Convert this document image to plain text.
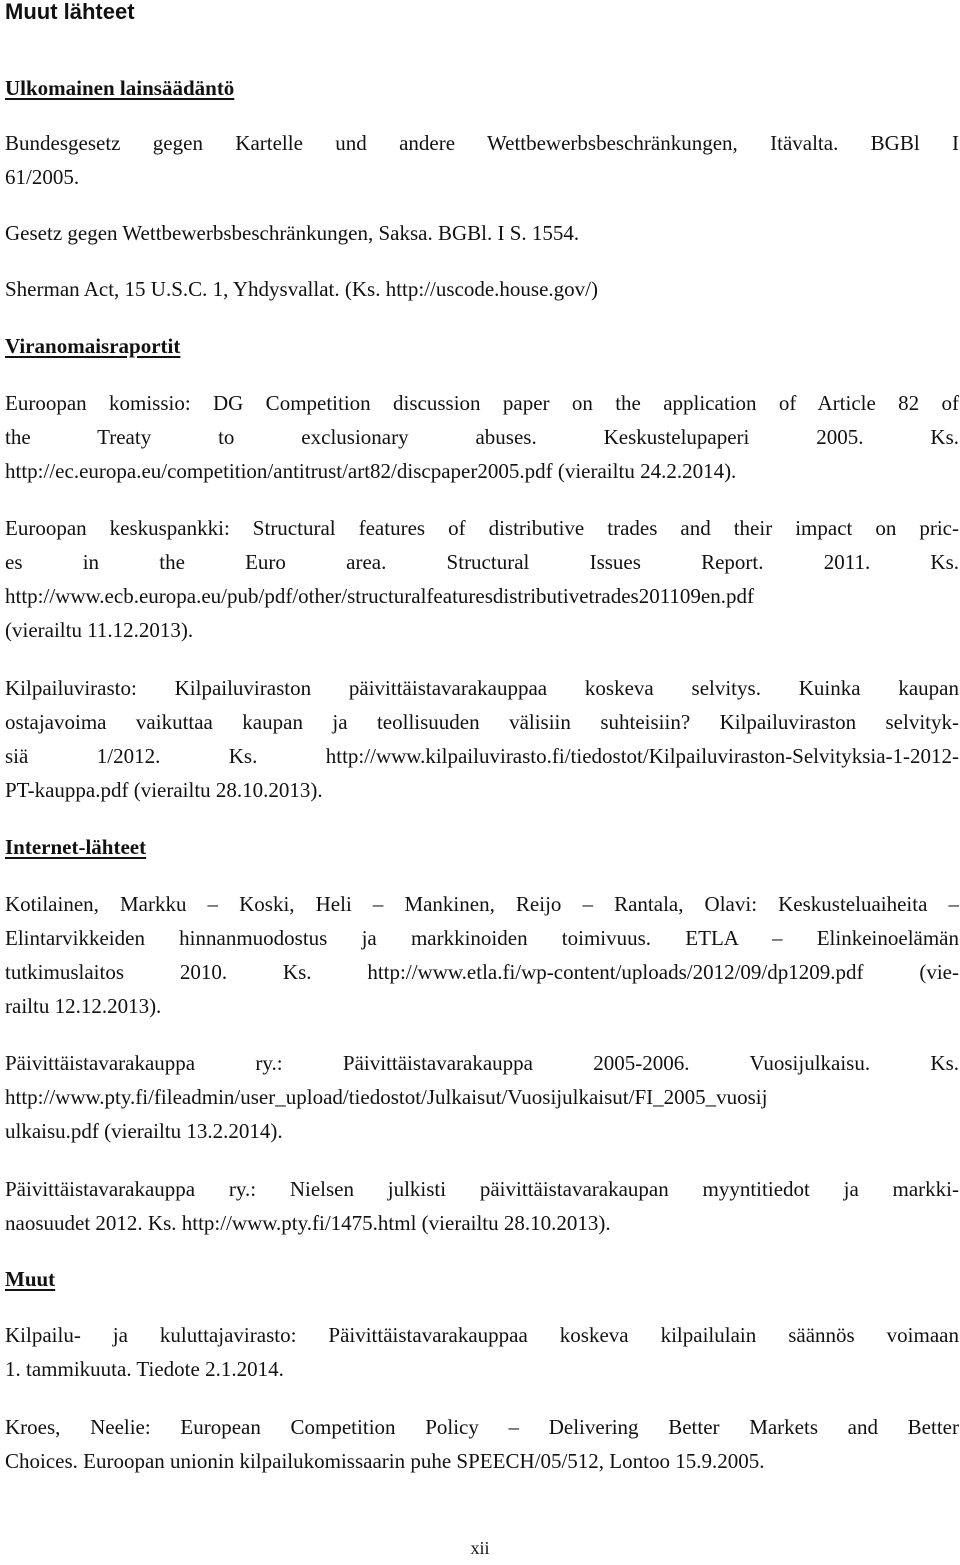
Muut lähteet
Ulkomainen lainsäädäntö

Bundesgesetz gegen Kartelle und andere Wettbewerbsbeschränkungen, Itävalta. BGBl I
61/2005.

Gesetz gegen Wettbewerbsbeschränkungen, Saksa. BGBl. I S. 1554.

Sherman Act, 15 U.S.C. 1, Yhdysvallat. (Ks. http://uscode.house.gov/)

Viranomaisraportit

Euroopan komissio: DG Competition discussion paper on the application of Article 82 of
the Treaty to exclusionary abuses. Keskustelupaperi 2005. Ks.
http://ec.europa.eu/competition/antitrust/art82/discpaper2005.pdf (vierailtu 24.2.2014).

Euroopan keskuspankki: Structural features of distributive trades and their impact on pric-
es in the Euro area. Structural Issues Report. 2011. Ks.
http://www.ecb.europa.eu/pub/pdf/other/structuralfeaturesdistributivetrades201109en.pdf
(vierailtu 11.12.2013).

Kilpailuvirasto: Kilpailuviraston päivittäistavarakauppaa koskeva selvitys. Kuinka kaupan
ostajavoima vaikuttaa kaupan ja teollisuuden välisiin suhteisiin? Kilpailuviraston selvityk-
siä 1/2012. Ks. http://www.kilpailuvirasto.fi/tiedostot/Kilpailuviraston-Selvityksia-1-2012-
PT-kauppa.pdf (vierailtu 28.10.2013).

Internet-lähteet

Kotilainen, Markku – Koski, Heli – Mankinen, Reijo – Rantala, Olavi: Keskusteluaiheita –
Elintarvikkeiden hinnanmuodostus ja markkinoiden toimivuus. ETLA – Elinkeinoelämän
tutkimuslaitos 2010. Ks. http://www.etla.fi/wp-content/uploads/2012/09/dp1209.pdf (vie-
railtu 12.12.2013).

Päivittäistavarakauppa ry.: Päivittäistavarakauppa 2005-2006. Vuosijulkaisu. Ks.
http://www.pty.fi/fileadmin/user_upload/tiedostot/Julkaisut/Vuosijulkaisut/FI_2005_vuosij
ulkaisu.pdf (vierailtu 13.2.2014).

Päivittäistavarakauppa ry.: Nielsen julkisti päivittäistavarakaupan myyntitiedot ja markki-
naosuudet 2012. Ks. http://www.pty.fi/1475.html (vierailtu 28.10.2013).

Muut

Kilpailu- ja kuluttajavirasto: Päivittäistavarakauppaa koskeva kilpailulain säännös voimaan
1. tammikuuta. Tiedote 2.1.2014.

Kroes, Neelie: European Competition Policy – Delivering Better Markets and Better
Choices. Euroopan unionin kilpailukomissaarin puhe SPEECH/05/512, Lontoo 15.9.2005.

xii
